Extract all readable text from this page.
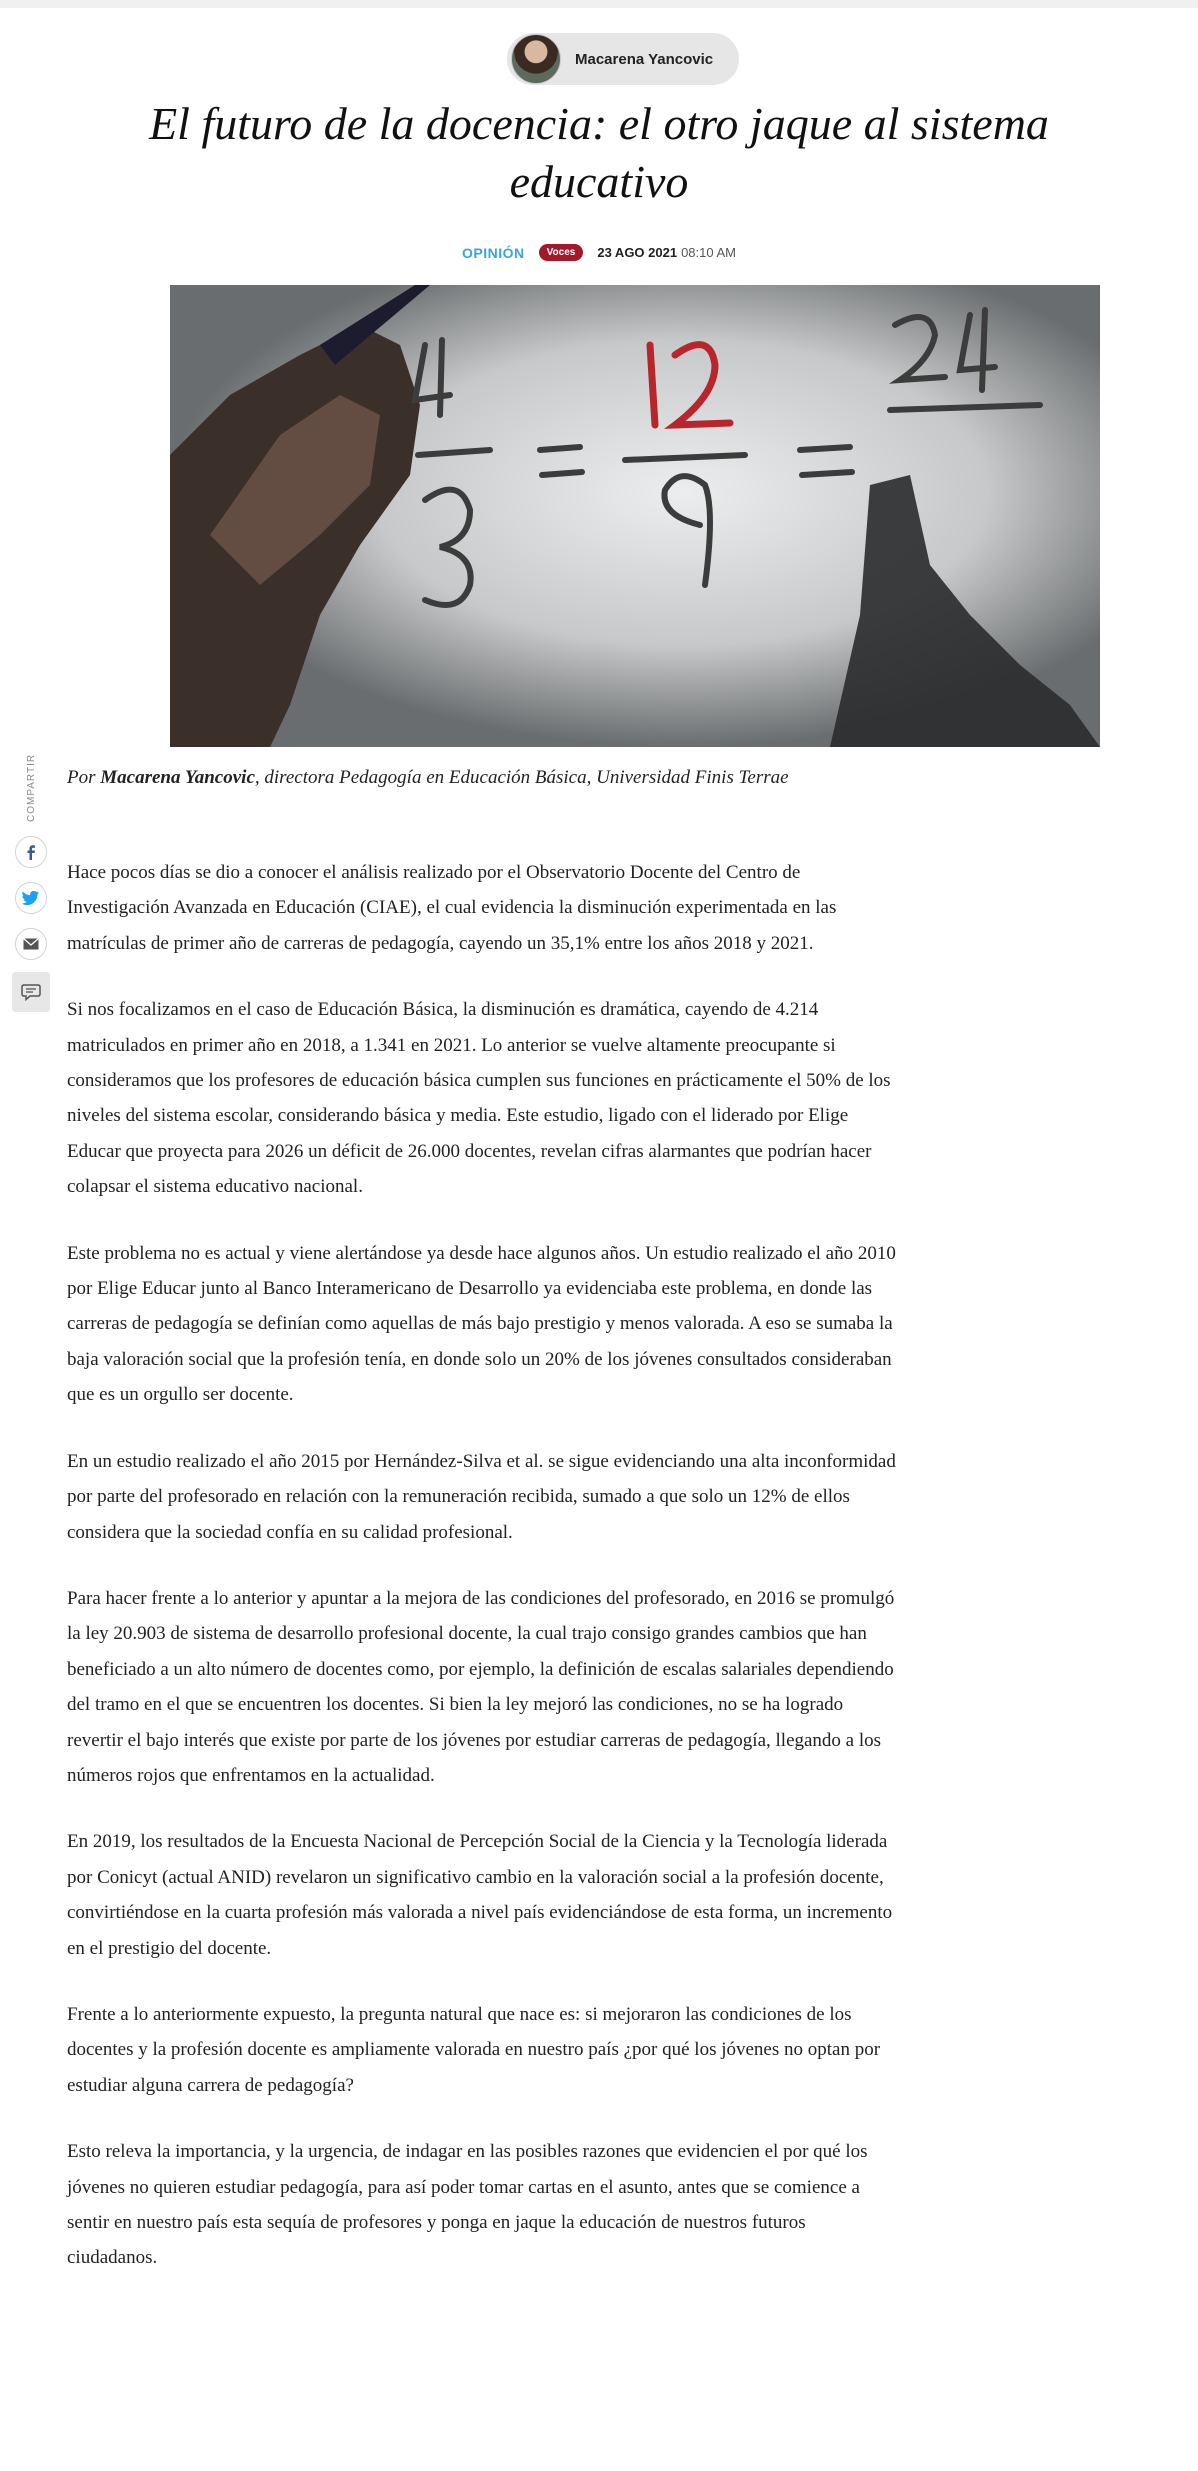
Macarena Yancovic
El futuro de la docencia: el otro jaque al sistema educativo
OPINIÓN	Voces	23 AGO 2021 08:10 AM

Por Macarena Yancovic, directora Pedagogía en Educación Básica, Universidad Finis Terrae

COMPARTIR

Hace pocos días se dio a conocer el análisis realizado por el Observatorio Docente del Centro de Investigación Avanzada en Educación (CIAE), el cual evidencia la disminución experimentada en las matrículas de primer año de carreras de pedagogía, cayendo un 35,1% entre los años 2018 y 2021.

Si nos focalizamos en el caso de Educación Básica, la disminución es dramática, cayendo de 4.214 matriculados en primer año en 2018, a 1.341 en 2021. Lo anterior se vuelve altamente preocupante si consideramos que los profesores de educación básica cumplen sus funciones en prácticamente el 50% de los niveles del sistema escolar, considerando básica y media. Este estudio, ligado con el liderado por Elige Educar que proyecta para 2026 un déficit de 26.000 docentes, revelan cifras alarmantes que podrían hacer colapsar el sistema educativo nacional.

Este problema no es actual y viene alertándose ya desde hace algunos años. Un estudio realizado el año 2010 por Elige Educar junto al Banco Interamericano de Desarrollo ya evidenciaba este problema, en donde las carreras de pedagogía se definían como aquellas de más bajo prestigio y menos valorada. A eso se sumaba la baja valoración social que la profesión tenía, en donde solo un 20% de los jóvenes consultados consideraban que es un orgullo ser docente.

En un estudio realizado el año 2015 por Hernández-Silva et al. se sigue evidenciando una alta inconformidad por parte del profesorado en relación con la remuneración recibida, sumado a que solo un 12% de ellos considera que la sociedad confía en su calidad profesional.

Para hacer frente a lo anterior y apuntar a la mejora de las condiciones del profesorado, en 2016 se promulgó la ley 20.903 de sistema de desarrollo profesional docente, la cual trajo consigo grandes cambios que han beneficiado a un alto número de docentes como, por ejemplo, la definición de escalas salariales dependiendo del tramo en el que se encuentren los docentes. Si bien la ley mejoró las condiciones, no se ha logrado revertir el bajo interés que existe por parte de los jóvenes por estudiar carreras de pedagogía, llegando a los números rojos que enfrentamos en la actualidad.

En 2019, los resultados de la Encuesta Nacional de Percepción Social de la Ciencia y la Tecnología liderada por Conicyt (actual ANID) revelaron un significativo cambio en la valoración social a la profesión docente, convirtiéndose en la cuarta profesión más valorada a nivel país evidenciándose de esta forma, un incremento en el prestigio del docente.

Frente a lo anteriormente expuesto, la pregunta natural que nace es: si mejoraron las condiciones de los docentes y la profesión docente es ampliamente valorada en nuestro país ¿por qué los jóvenes no optan por estudiar alguna carrera de pedagogía?

Esto releva la importancia, y la urgencia, de indagar en las posibles razones que evidencien el por qué los jóvenes no quieren estudiar pedagogía, para así poder tomar cartas en el asunto, antes que se comience a sentir en nuestro país esta sequía de profesores y ponga en jaque la educación de nuestros futuros ciudadanos.
